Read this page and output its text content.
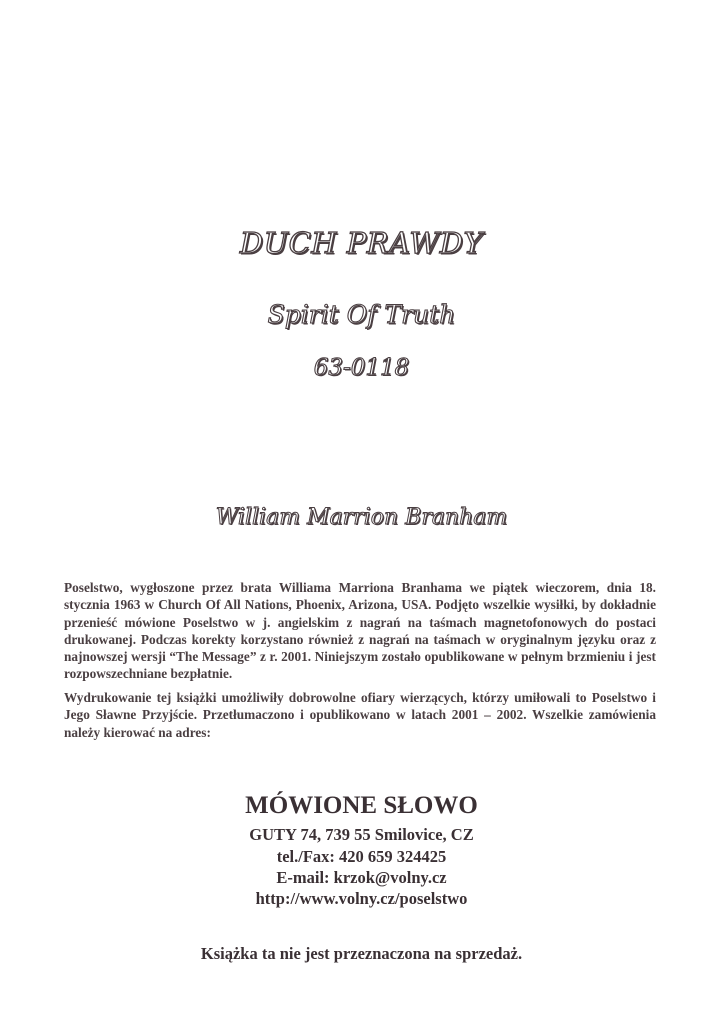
DUCH PRAWDY
Spirit Of Truth
63-0118
William Marrion Branham

Poselstwo, wygłoszone przez brata Williama Marriona Branhama we piątek wieczorem, dnia 18. stycznia 1963 w Church Of All Nations, Phoenix, Arizona, USA. Podjęto wszelkie wysiłki, by dokładnie przenieść mówione Poselstwo w j. angielskim z nagrań na taśmach magnetofonowych do postaci drukowanej. Podczas korekty korzystano również z nagrań na taśmach w oryginalnym języku oraz z najnowszej wersji “The Message” z r. 2001. Niniejszym zostało opublikowane w pełnym brzmieniu i jest rozpowszechniane bezpłatnie.

Wydrukowanie tej książki umożliwiły dobrowolne ofiary wierzących, którzy umiłowali to Poselstwo i Jego Sławne Przyjście. Przetłumaczono i opublikowano w latach 2001 – 2002. Wszelkie zamówienia należy kierować na adres:

MÓWIONE SŁOWO
GUTY 74, 739 55 Smilovice, CZ
tel./Fax: 420 659 324425
E-mail: krzok@volny.cz
http://www.volny.cz/poselstwo
Książka ta nie jest przeznaczona na sprzedaż.
